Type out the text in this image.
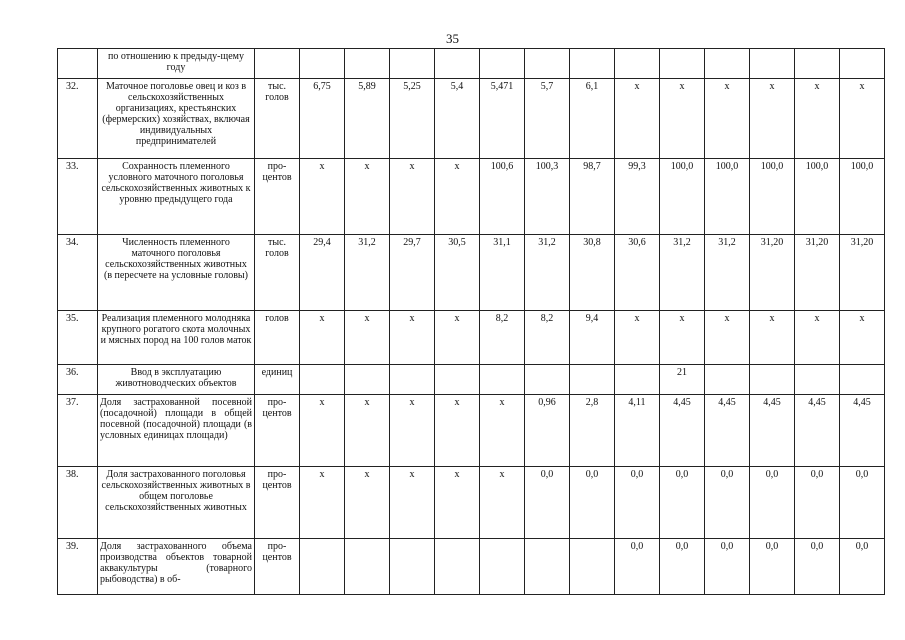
35
	по отношению к предыду-щему году														
32.	Маточное поголовье овец и коз в сельскохозяйственных организациях, крестьянских (фермерских) хозяйствах, включая индивидуальных предпринимателей	тыс. голов	6,75	5,89	5,25	5,4	5,471	5,7	6,1	х	х	х	х	х	х
33.	Сохранность племенного условного маточного поголовья сельскохозяйственных животных к уровню предыдущего года	про-центов	х	х	х	х	100,6	100,3	98,7	99,3	100,0	100,0	100,0	100,0	100,0
34.	Численность племенного маточного поголовья сельскохозяйственных животных (в пересчете на условные головы)	тыс. голов	29,4	31,2	29,7	30,5	31,1	31,2	30,8	30,6	31,2	31,2	31,20	31,20	31,20
35.	Реализация племенного молодняка крупного рогатого скота молочных и мясных пород на 100 голов маток	голов	х	х	х	х	8,2	8,2	9,4	х	х	х	х	х	х
36.	Ввод в эксплуатацию животноводческих объектов	единиц									21				
37.	Доля застрахованной посевной (посадочной) площади в общей посевной (посадочной) площади (в условных единицах площади)	про-центов	х	х	х	х	х	0,96	2,8	4,11	4,45	4,45	4,45	4,45	4,45
38.	Доля застрахованного поголовья сельскохозяйственных животных в общем поголовье сельскохозяйственных животных	про-центов	х	х	х	х	х	0,0	0,0	0,0	0,0	0,0	0,0	0,0	0,0
39.	Доля застрахованного объема производства объектов товарной аквакультуры (товарного рыбоводства) в об-	про-центов								0,0	0,0	0,0	0,0	0,0	0,0
